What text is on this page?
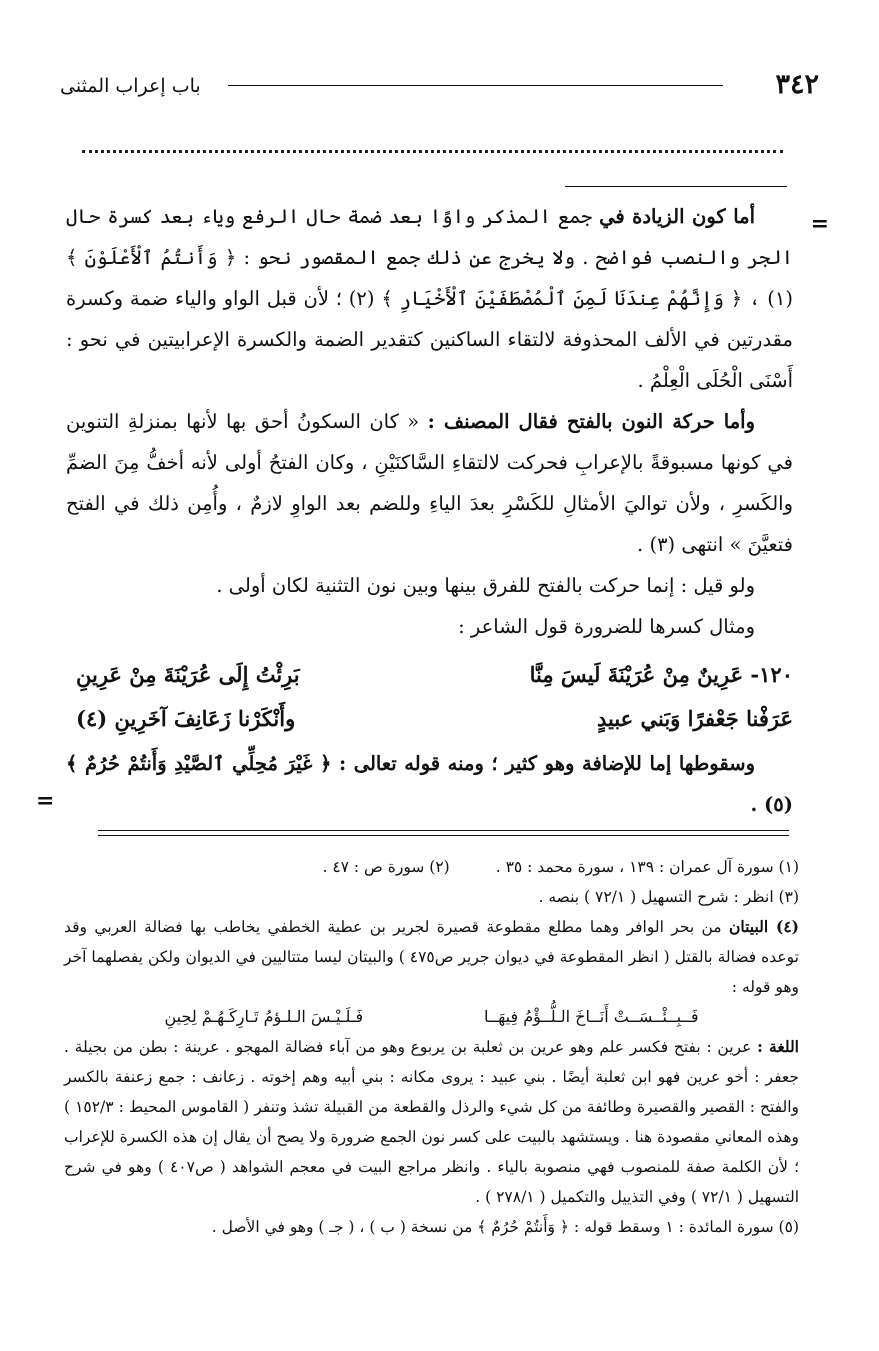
٣٤٢
باب إعراب المثنى
=
=

أما كون الزيادة في جمع المذكر واوًا بعد ضمة حال الرفع وياء بعد كسرة حال الجر والنصب فواضح . ولا يخرج عن ذلك جمع المقصور نحو : ﴿ وَأَنتُمُ ٱلْأَعْلَوْنَ ﴾ (١) ، ﴿ وَإِنَّهُمْ عِندَنَا لَمِنَ ٱلْمُصْطَفَيْنَ ٱلْأَخْيَارِ ﴾ (٢) ؛ لأن قبل الواو والياء ضمة وكسرة مقدرتين في الألف المحذوفة لالتقاء الساكنين كتقدير الضمة والكسرة الإعرابيتين في نحو : أَسْنَى الْحُلَى الْعِلْمُ .

وأما حركة النون بالفتح فقال المصنف : « كان السكونُ أحق بها لأنها بمنزلةِ التنوين في كونها مسبوقةً بالإعرابِ فحركت لالتقاءِ السَّاكنَيْنِ ، وكان الفتحُ أولى لأنه أخفُّ مِنَ الضمِّ والكَسرِ ، ولأن تواليَ الأمثالِ للكَسْرِ بعدَ الياءِ وللضم بعد الواوِ لازمٌ ، وأُمِن ذلك في الفتح فتعيَّنَ » انتهى (٣) .

ولو قيل : إنما حركت بالفتح للفرق بينها وبين نون التثنية لكان أولى .

ومثال كسرها للضرورة قول الشاعر :

١٢٠- عَرِينٌ مِنْ عُرَيْنَةَ لَيسَ مِنَّا
بَرِئْتُ إِلَى عُرَيْنَةَ مِنْ عَرِينِ
عَرَفْنا جَعْفرًا وَبَني عبيدٍ
وأَنْكَرْنا زَعَانِفَ آخَرِينِ (٤)

وسقوطها إما للإضافة وهو كثير ؛ ومنه قوله تعالى : ﴿ غَيْرَ مُحِلِّي ٱلصَّيْدِ وَأَنتُمْ حُرُمٌ ﴾ (٥) .

(١) سورة آل عمران : ١٣٩ ، سورة محمد : ٣٥ .
(٢) سورة ص : ٤٧ .

(٣) انظر : شرح التسهيل ( ٧٢/١ ) بنصه .

(٤) البيتان من بحر الوافر وهما مطلع مقطوعة قصيرة لجرير بن عطية الخطفي يخاطب بها فضالة العربي وقد توعده فضالة بالقتل ( انظر المقطوعة في ديوان جرير ص٤٧٥ ) والبيتان ليسا متتاليين في الديوان ولكن يفصلهما آخر وهو قوله :

فَــبِــئْــسَــتْ أَنَــاخَ الـلُّــؤْمُ فِيهَــا
فَـلَـيْـسَ الـلـؤمُ تَـارِكَـهُـمْ لِحِينِ

اللغة : عرين : بفتح فكسر علم وهو عرين بن ثعلبة بن يربوع وهو من آباء فضالة المهجو . عرينة : بطن من بجيلة . جعفر : أخو عرين فهو ابن ثعلبة أيضًا . بني عبيد : يروى مكانه : بني أبيه وهم إخوته . زعانف : جمع زعنفة بالكسر والفتح : القصير والقصيرة وطائفة من كل شيء والرذل والقطعة من القبيلة تشذ وتنفر ( القاموس المحيط : ١٥٢/٣ ) وهذه المعاني مقصودة هنا . ويستشهد بالبيت على كسر نون الجمع ضرورة ولا يصح أن يقال إن هذه الكسرة للإعراب ؛ لأن الكلمة صفة للمنصوب فهي منصوبة بالياء . وانظر مراجع البيت في معجم الشواهد ( ص٤٠٧ ) وهو في شرح التسهيل ( ٧٢/١ ) وفي التذييل والتكميل ( ٢٧٨/١ ) .

(٥) سورة المائدة : ١ وسقط قوله : ﴿ وَأَنتُمْ حُرُمٌ ﴾ من نسخة ( ب ) ، ( جـ ) وهو في الأصل .
